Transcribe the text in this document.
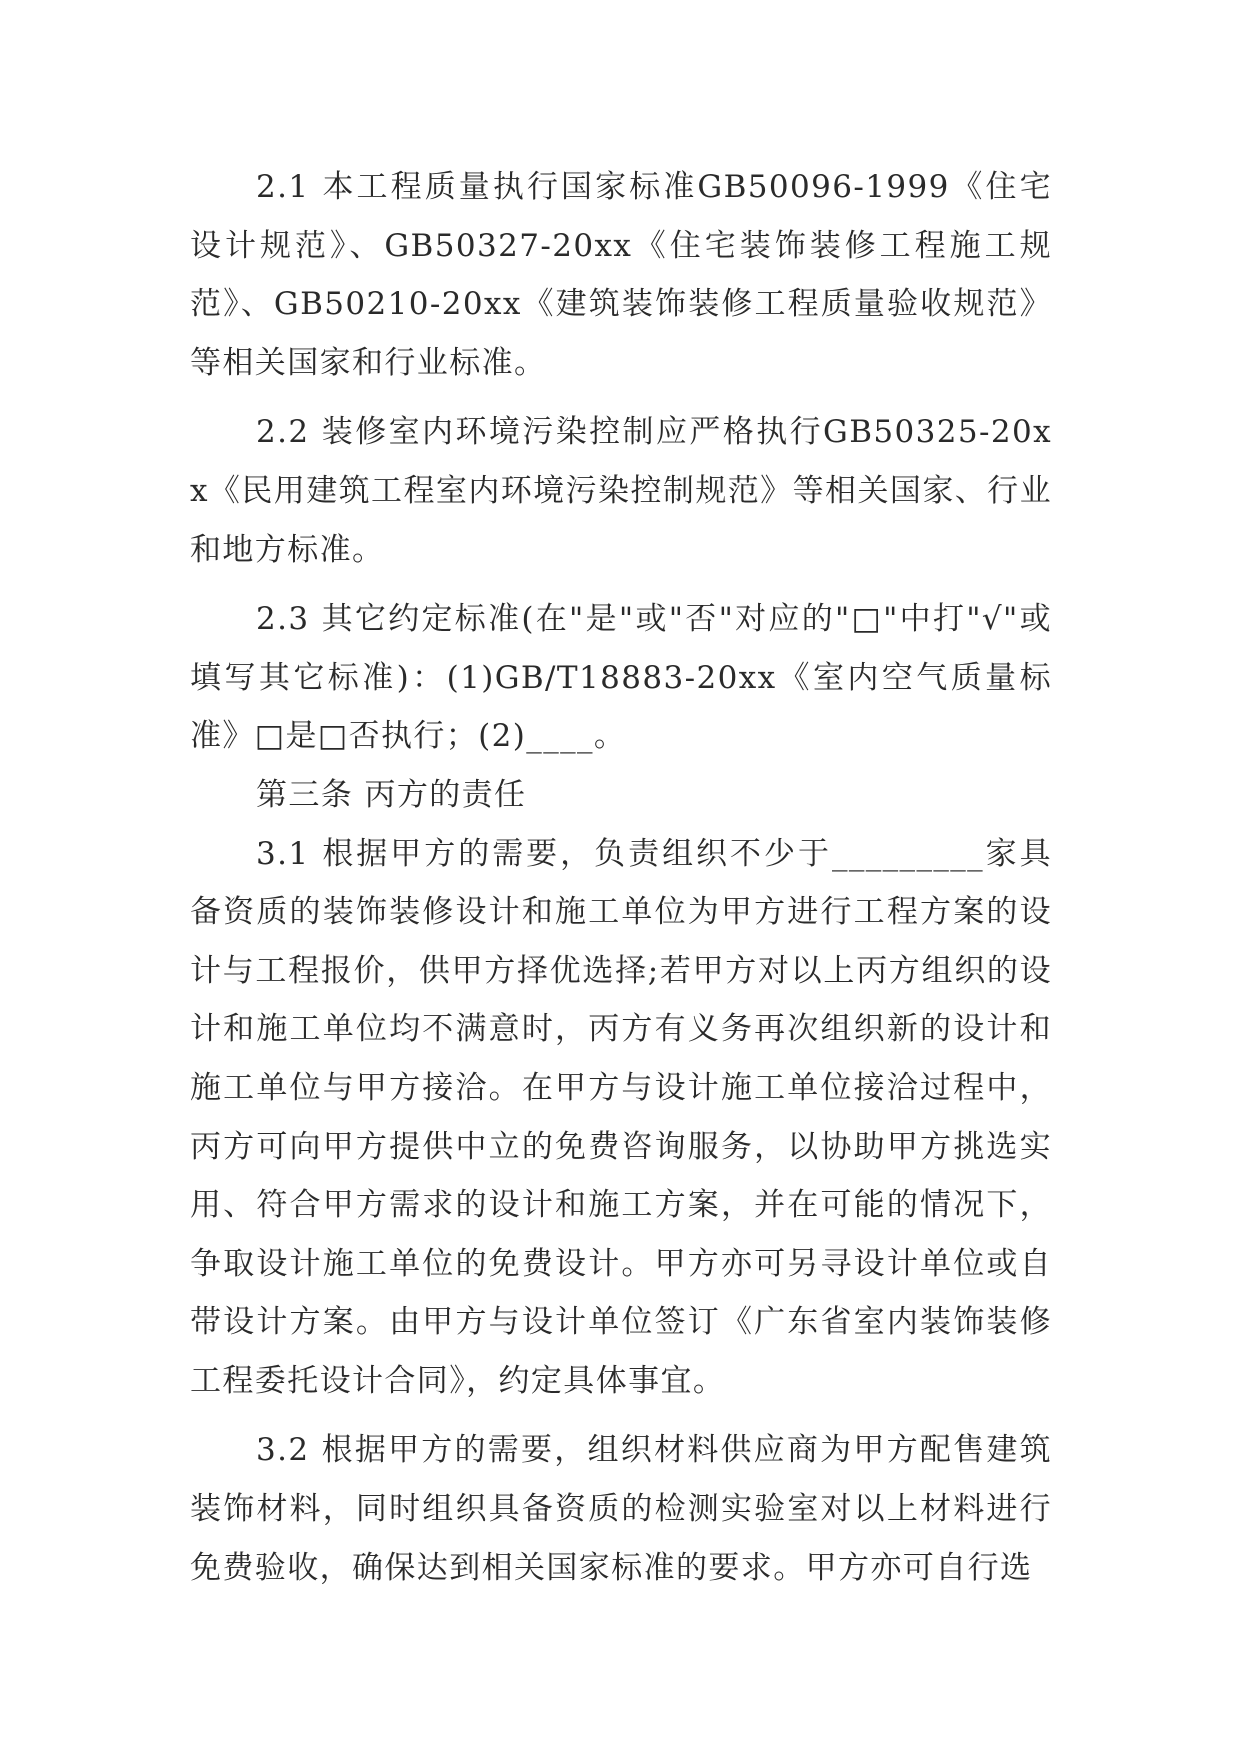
2.1 本工程质量执行国家标准GB50096-1999《住宅设计规范》、GB50327-20xx《住宅装饰装修工程施工规范》、GB50210-20xx《建筑装饰装修工程质量验收规范》等相关国家和行业标准。

2.2 装修室内环境污染控制应严格执行GB50325-20xx《民用建筑工程室内环境污染控制规范》等相关国家、行业和地方标准。

2.3 其它约定标准(在"是"或"否"对应的"□"中打"√"或填写其它标准)：(1)GB/T18883-20xx《室内空气质量标准》□是□否执行；(2)____。

第三条 丙方的责任

3.1 根据甲方的需要，负责组织不少于_________家具备资质的装饰装修设计和施工单位为甲方进行工程方案的设计与工程报价，供甲方择优选择;若甲方对以上丙方组织的设计和施工单位均不满意时，丙方有义务再次组织新的设计和施工单位与甲方接洽。在甲方与设计施工单位接洽过程中，丙方可向甲方提供中立的免费咨询服务，以协助甲方挑选实用、符合甲方需求的设计和施工方案，并在可能的情况下，争取设计施工单位的免费设计。甲方亦可另寻设计单位或自带设计方案。由甲方与设计单位签订《广东省室内装饰装修工程委托设计合同》，约定具体事宜。

3.2 根据甲方的需要，组织材料供应商为甲方配售建筑装饰材料，同时组织具备资质的检测实验室对以上材料进行免费验收，确保达到相关国家标准的要求。甲方亦可自行选
